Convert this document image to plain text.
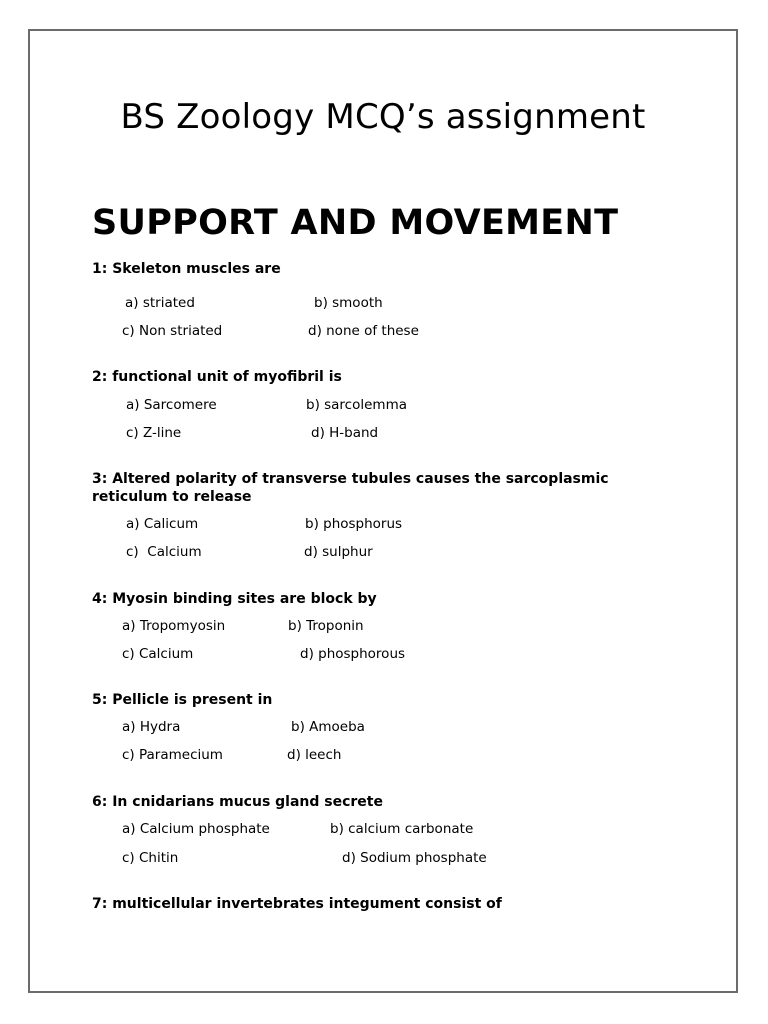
BS Zoology MCQ’s assignment
SUPPORT AND MOVEMENT
1: Skeleton muscles are
a) striated	b) smooth
c) Non striated	d) none of these
2: functional unit of myofibril is
a) Sarcomere	b) sarcolemma
c) Z-line	d) H-band
3: Altered polarity of transverse tubules causes the sarcoplasmic reticulum to release
a) Calicum	b) phosphorus
c)  Calcium	d) sulphur
4: Myosin binding sites are block by
a) Tropomyosin	b) Troponin
c) Calcium	d) phosphorous
5: Pellicle is present in
a) Hydra	b) Amoeba
c) Paramecium	d) leech
6: In cnidarians mucus gland secrete
a) Calcium phosphate	b) calcium carbonate
c) Chitin	d) Sodium phosphate
7: multicellular invertebrates integument consist of
